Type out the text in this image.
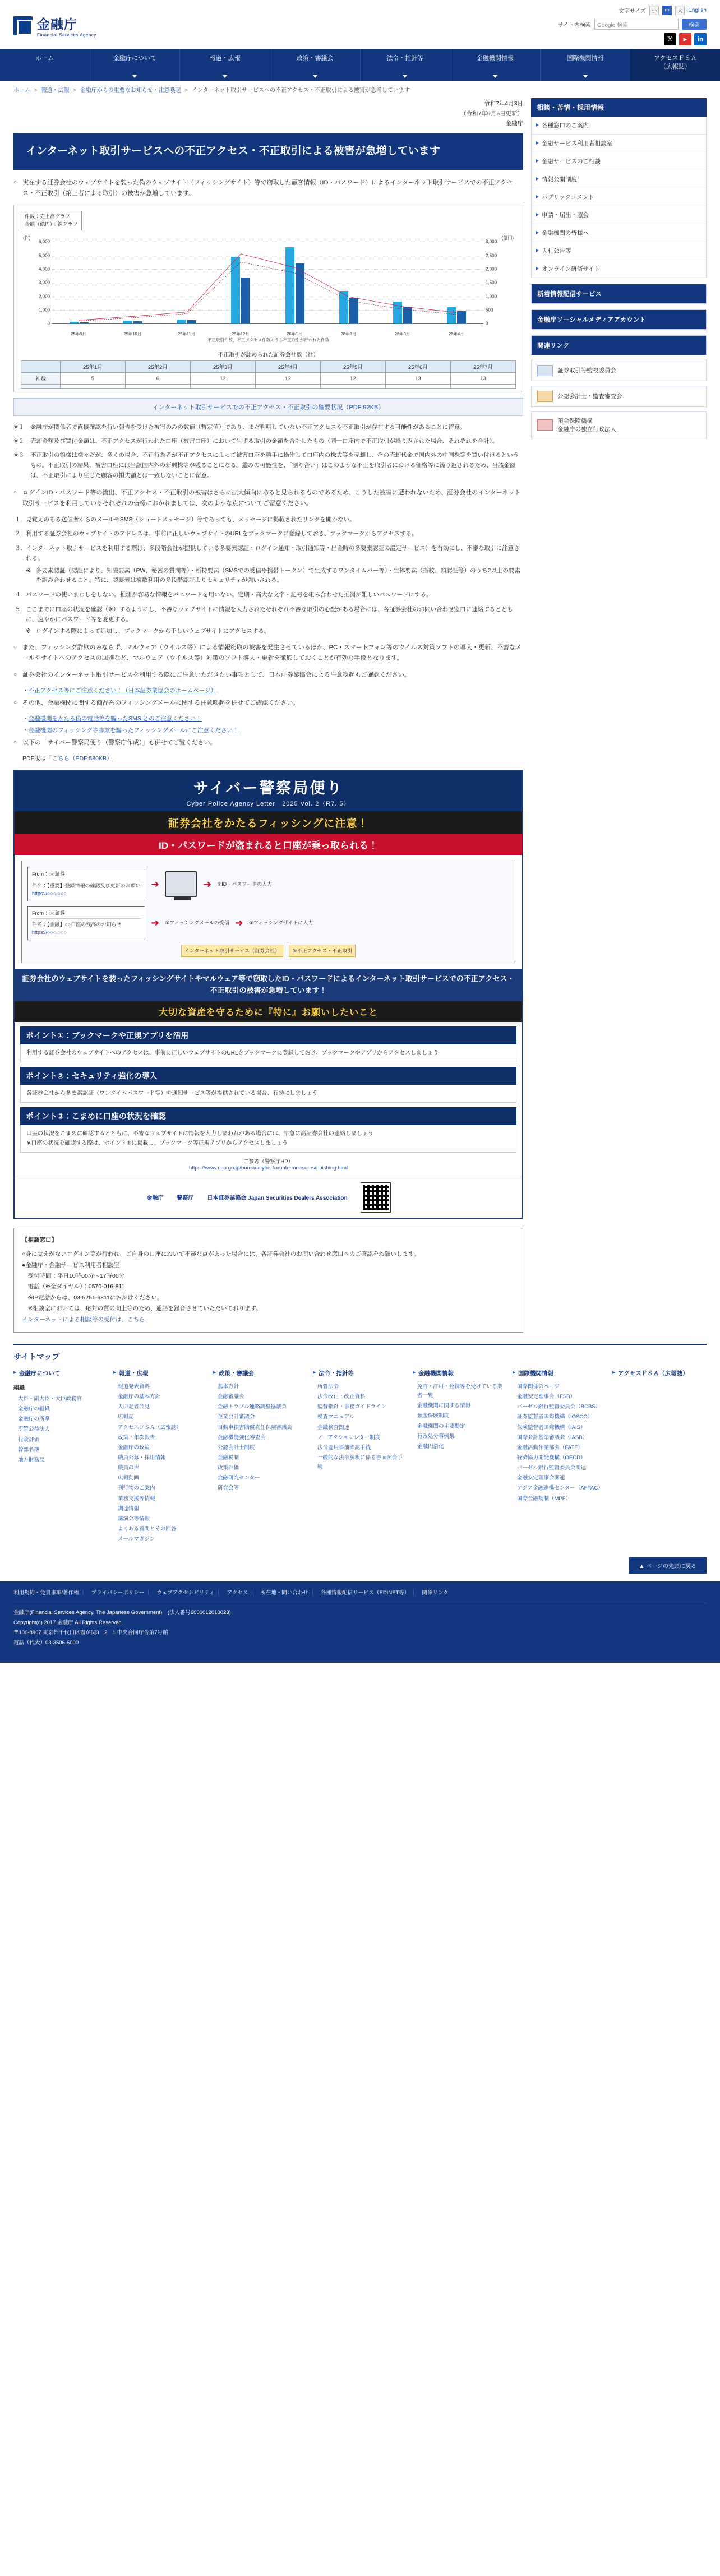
金融庁
Financial Services Agency
文字サイズ	小	中	大	English
サイト内検索	Google 検索	検索
𝕏	▶	in
ホーム	金融庁について	報道・広報	政策・審議会	法令・指針等	金融機関情報	国際機関情報	アクセスＦＳＡ
（広報誌）
ホーム > 報道・広報 > 金融庁からの重要なお知らせ・注意喚起 > インターネット取引サービスへの不正アクセス・不正取引による被害が急増しています
令和7年4月3日
（令和7年9月5日更新）
金融庁
インターネット取引サービスへの不正アクセス・不正取引による被害が急増しています
○ 実在する証券会社のウェブサイトを装った偽のウェブサイト（フィッシングサイト）等で窃取した顧客情報（ID・パスワード）によるインターネット取引サービスでの不正アクセス・不正取引（第三者による取引）の被害が急増しています。
件数：売上高グラフ
金額（億円）：線グラフ
(件)	(億円)
6,000	3,000
5,000	2,500
4,000	2,000
3,000	1,500
2,000	1,000
1,000	500
0	0
25年9月	25年10月	25年11月	25年12月	26年1月	26年2月	26年3月	26年4月
不正取引件数、不正アクセス件数のうち不正取引が行われた件数
不正取引が認められた証券会社数（社）
	25年1月	25年2月	25年3月	25年4月	25年5月	25年6月	25年7月
社数	5	6	12	12	12	13	13

インターネット取引サービスでの不正アクセス・不正取引の確要状況（PDF:92KB）
※１ 金融庁が関係者で直接確認を行い報告を受けた被害のみの数値（暫定値）であり、まだ判明していない不正アクセスや不正取引が存在する可能性があることに留意。
※２ 売却金額及び買付金額は、不正アクセスが行われた口座（被害口座）において生ずる取引の金額を合計したもの（同一口座内で不正取引が繰り返された場合、それぞれを合計）。
※３ 不正取引の態様は様々だが、多くの場合、不正行為者が不正アクセスによって被害口座を勝手に操作して口座内の株式等を売却し、その売却代金で国内外の中国株等を買い付けるというもの。不正取引の結果、被害口座には当該国内外の新興株等が残ることになる。鑑みの可能性を、「割り合い」はこのような不正を取引者における価格等に繰り返されるため、当該金額は、不正取引により生じた顧客の損失額とは一致しないことに留意。
○ ログインID・パスワード等の流出、不正アクセス・不正取引の被害はさらに拡大傾向にあると見られるものであるため、こうした被害に遭われないため、証券会社のインターネット取引サービスを利用しているそれぞれの皆様におかれましては、次のような点についてご留意ください。
１. 見覚えのある送信者からのメールやSMS（ショートメッセージ）等であっても、メッセージに掲載されたリンクを開かない。
２. 利用する証券会社のウェブサイトのアドレスは、事前に正しいウェブサイトのURLをブックマークに登録しておき、ブックマークからアクセスする。
３. インターネット取引サービスを利用する際は、多段階会社が提供している多要素認証・ログイン通知・取引通知等・出金時の多要素認証の設定サービス）を有効にし、不審な取引に注意される。
※ 多要素認証（認証により、知識要素（PW、秘密の質問等）・所持要素（SMSでの受信や携帯トークン）で生成するワンタイムパー等）・生体要素（指紋、顔認証等）のうち2以上の要素を組み合わせること。特に、認要素は複数利用の多段階認証よりセキュリティが強いされる。
４. パスワードの使いまわしをしない。推測が容易な情報をパスワードを用いない。定期・高大な文字・記号を組み合わせた推測が難しいパスワードにする。
５. ここまでに口座の状況を確認（※）するようにし、不審なウェブサイトに情報を入力されたそれぞれ不審な取引の心配がある場合には、各証券会社のお問い合わせ窓口に連絡するとともに、速やかにパスワード等を変更する。
※ ログインする際によって追加し、ブックマークから正しいウェブサイトにアクセスする。
○ また、フィッシング詐欺のみならず、マルウェア（ウイルス等）による情報窃取の被害を発生させているほか、PC・スマートフォン等のウイルス対策ソフトの導入・更新、不審なメールやサイトへのアクセスの回避など、マルウェア（ウイルス等）対策のソフト導入・更新を徹底しておくことが有効な手段となります。
○ 証券会社のインターネット取引サービスを利用する際にご注意いただきたい事項として、日本証券業協会による注意喚起もご確認ください。
・不正アクセス等にご注意ください！（日本証券業協会のホームページ）
○ その他、金融機関に関する商品系のフィッシングメールに関する注意喚起を併せてご確認ください。
・金融機関をかたる偽の電話等を騙ったSMS とのご注意ください！
・金融機関のフィッシング等詐欺を騙ったフィッシングメールにご注意ください！
○ 以下の「サイバー警察局便り（警察庁作成）」も併せてご覧ください。
PDF版は「こちら（PDF:580KB）
サイバー警察局便り
Cyber Police Agency Letter　2025 Vol. 2（R7. 5）
証券会社をかたるフィッシングに注意！
ID・パスワードが盗まれると口座が乗っ取られる！
From：○○証券
件名：【重要】登録情報の確認及び更新のお願い
https://○○○.○○○
➜	➜ ②ID・パスワードの入力
From：○○証券
件名：【金融】○○口座の残高のお知らせ
https://○○○.○○○
➜ ①フィッシングメールの受信 ➜ ③フィッシングサイトに入力
インターネット取引サービス（証券会社）	④不正アクセス・不正取引
証券会社のウェブサイトを装ったフィッシングサイトやマルウェア等で窃取したID・パスワードによるインターネット取引サービスでの不正アクセス・不正取引の被害が急増しています！
大切な資産を守るために『特に』お願いしたいこと
ポイント①：ブックマークや正規アプリを活用
利用する証券会社のウェブサイトへのアクセスは、事前に正しいウェブサイトのURLをブックマークに登録しておき、ブックマークやアプリからアクセスしましょう
ポイント②：セキュリティ強化の導入
各証券会社から多要素認証（ワンタイムパスワード等）や通知サービス等が提供されている場合、有効にしましょう
ポイント③：こまめに口座の状況を確認
口座の状況をこまめに確認するとともに、不審なウェブサイトに情報を入力しまわれがある場合には、早急に高証券会社の連絡しましょう
※口座の状況を確認する際は、ポイント①に掲載し、ブックマーク等正規アプリからアクセスしましょう
ご参考（警察庁HP）
https://www.npa.go.jp/bureau/cyber/countermeasures/phishing.html
金融庁 警察庁 日本証券業協会 Japan Securities Dealers Association
【相談窓口】
○身に覚えがないログイン等が行われ、ご自身の口座において不審な点があった場合には、各証券会社のお問い合わせ窓口へのご確認をお願いします。
●金融庁・金融サービス利用者相談室
　受付時間：平日10時00分～17時00分
　電話（※全ダイヤル）：0570-016-811
　※IP電話からは、03-5251-6811におかけください。
　※相談室においては、応対の質の向上等のため、通話を録音させていただいております。
インターネットによる相談等の受付は、こちら
相談・苦情・採用情報
各種窓口のご案内
金融サービス利用者相談室
金融サービスのご相談
情報公開制度
パブリックコメント
申請・届出・照会
金融機関の皆様へ
入札公告等
オンライン研修サイト
新着情報配信サービス
金融庁ソーシャルメディアアカウント
関連リンク
証券取引等監視委員会
公認会計士・監査審査会
預金保険機構
金融庁の独立行政法人
サイトマップ
▶ 金融庁について
組織
大臣・副大臣・大臣政務官
金融庁の組織
金融庁の所掌
所管公益法人
行政評価
幹部名簿
地方財務局
▶ 報道・広報
報道発表資料
金融庁の基本方針
大臣記者会見
広報誌
アクセスＦＳＡ（広報誌）
政策・年次報告
金融庁の政策
職員公募・採用情報
職員の声
広報動画
刊行物のご案内
業務支援等情報
調達情報
講演会等情報
よくある質問とその回答
メールマガジン
▶ 政策・審議会
基本方針
金融審議会
金融トラブル連絡調整協議会
企業会計審議会
自動車損害賠償責任保険審議会
金融機能強化審査会
公認会計士制度
金融税制
政策評価
金融研究センター
研究会等
▶ 法令・指針等
所管法令
法令改正・改正資料
監督指針・事務ガイドライン
検査マニュアル
金融検査関連
ノーアクションレター制度
法令適用事前確認手続
一般的な法令解釈に係る書面照会手続
▶ 金融機関情報
免許・許可・登録等を受けている業者一覧
金融機関に関する情報
預金保険制度
金融機関の主要勘定
行政処分事例集
金融円滑化
▶ 国際機関情報
国際関係のページ
金融安定理事会（FSB）
バーゼル銀行監督委員会（BCBS）
証券監督者国際機構（IOSCO）
保険監督者国際機構（IAIS）
国際会計基準審議会（IASB）
金融活動作業部会（FATF）
経済協力開発機構（OECD）
バーゼル銀行監督委員会関連
金融安定理事会関連
アジア金融連携センター（AFPAC）
国際金融規制（MPF）
▶ アクセスＦＳＡ（広報誌）
▲ ページの先頭に戻る
利用規約・免責事項/著作権 ｜	プライバシーポリシー ｜	ウェブアクセシビリティ ｜	アクセス ｜	所在地・問い合わせ ｜	各種情報配信サービス（EDINET等） ｜	関係リンク
金融庁(Financial Services Agency, The Japanese Government)　(法人番号6000012010023)
Copyright(c) 2017 金融庁 All Rights Reserved.
〒100-8967 東京都千代田区霞が関3－2－1 中央合同庁舎第7号館
電話（代表）03-3506-6000
